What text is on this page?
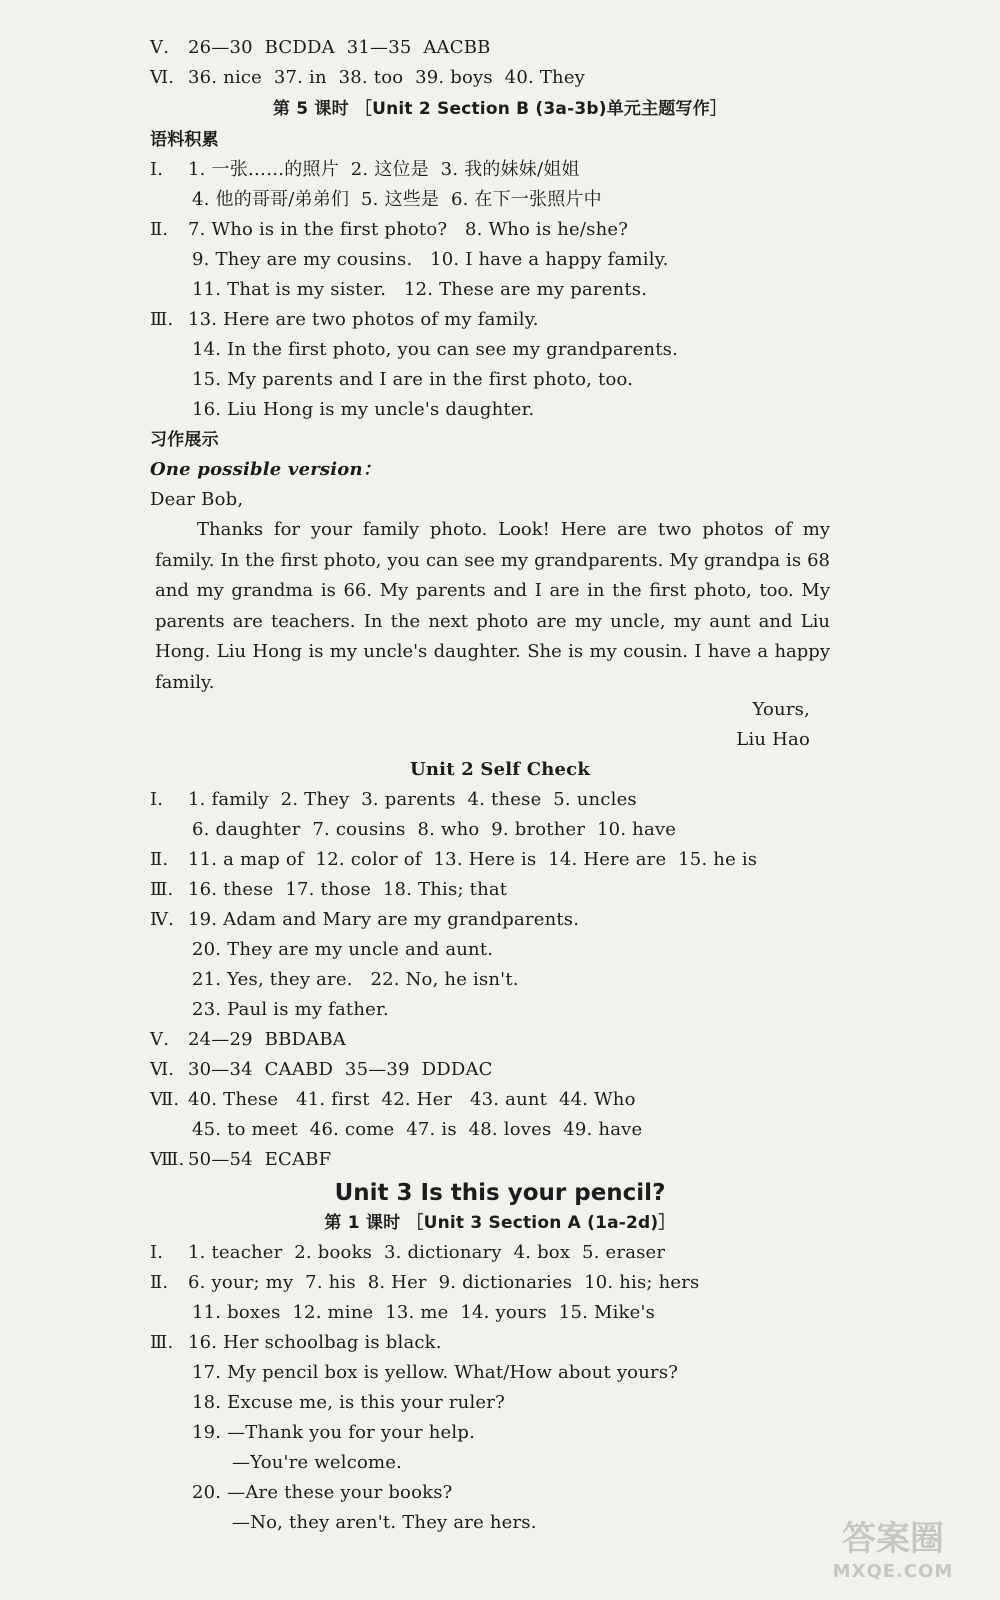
Ⅴ. 26—30  BCDDA  31—35  AACBB
Ⅵ. 36. nice  37. in  38. too  39. boys  40. They
第 5 课时 ［Unit 2 Section B (3a-3b)单元主题写作］
语料积累
Ⅰ. 1. 一张……的照片  2. 这位是  3. 我的妹妹/姐姐
4. 他的哥哥/弟弟们  5. 这些是  6. 在下一张照片中
Ⅱ. 7. Who is in the first photo?   8. Who is he/she?
9. They are my cousins.   10. I have a happy family.
11. That is my sister.   12. These are my parents.
Ⅲ. 13. Here are two photos of my family.
14. In the first photo, you can see my grandparents.
15. My parents and I are in the first photo, too.
16. Liu Hong is my uncle's daughter.
习作展示
One possible version：
Dear Bob,
Thanks for your family photo. Look! Here are two photos of my family. In the first photo, you can see my grandparents. My grandpa is 68 and my grandma is 66. My parents and I are in the first photo, too. My parents are teachers. In the next photo are my uncle, my aunt and Liu Hong. Liu Hong is my uncle's daughter. She is my cousin. I have a happy family.
Yours,
Liu Hao
Unit 2 Self Check
Ⅰ. 1. family  2. They  3. parents  4. these  5. uncles
6. daughter  7. cousins  8. who  9. brother  10. have
Ⅱ. 11. a map of  12. color of  13. Here is  14. Here are  15. he is
Ⅲ. 16. these  17. those  18. This; that
Ⅳ. 19. Adam and Mary are my grandparents.
20. They are my uncle and aunt.
21. Yes, they are.   22. No, he isn't.
23. Paul is my father.
Ⅴ. 24—29  BBDABA
Ⅵ. 30—34  CAABD  35—39  DDDAC
Ⅶ. 40. These   41. first  42. Her   43. aunt  44. Who
45. to meet  46. come  47. is  48. loves  49. have
Ⅷ. 50—54  ECABF
Unit 3 Is this your pencil?
第 1 课时 ［Unit 3 Section A (1a-2d)］
Ⅰ. 1. teacher  2. books  3. dictionary  4. box  5. eraser
Ⅱ. 6. your; my  7. his  8. Her  9. dictionaries  10. his; hers
11. boxes  12. mine  13. me  14. yours  15. Mike's
Ⅲ. 16. Her schoolbag is black.
17. My pencil box is yellow. What/How about yours?
18. Excuse me, is this your ruler?
19. —Thank you for your help.
—You're welcome.
20. —Are these your books?
—No, they aren't. They are hers.	答案圈
MXQE.COM
